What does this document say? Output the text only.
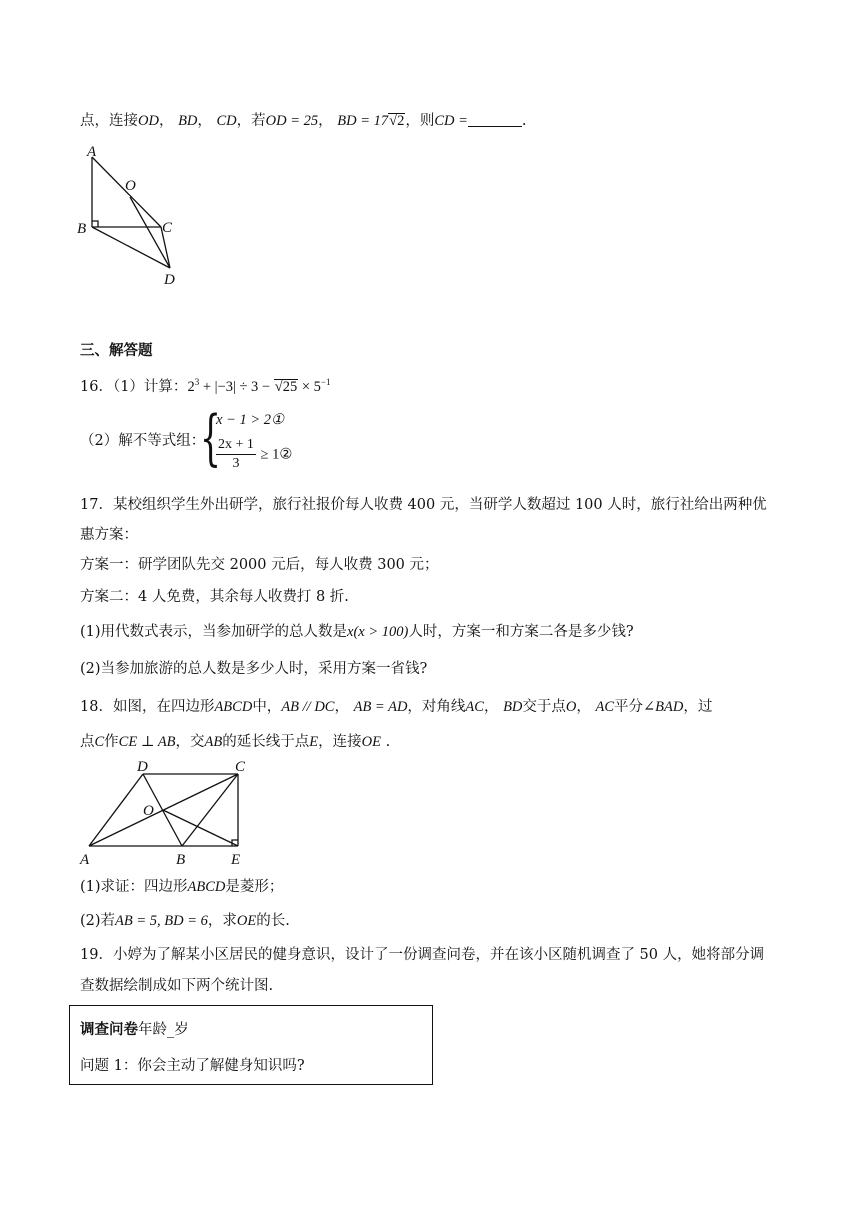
点，连接OD， BD， CD，若OD = 25， BD = 17√2，则CD =	.
A
O
B	C
D
三、解答题
16．（1）计算：$2^3 + |-3| \div 3 - √25 \times 5^{-1}$
（2）解不等式组：
{
x − 1 > 2①
$\frac{2x + 1}{3}$ ≥ 1②
17．某校组织学生外出研学，旅行社报价每人收费 400 元，当研学人数超过 100 人时，旅行社给出两种优
惠方案：
方案一：研学团队先交 2000 元后，每人收费 300 元；
方案二：4 人免费，其余每人收费打 8 折.
(1)用代数式表示，当参加研学的总人数是x(x > 100)人时，方案一和方案二各是多少钱?
(2)当参加旅游的总人数是多少人时，采用方案一省钱?
18．如图，在四边形ABCD中，AB // DC， AB = AD，对角线AC， BD交于点O， AC平分∠BAD，过
点C作CE ⊥ AB，交AB的延长线于点E，连接OE .
D	C
O
A	B	E
(1)求证：四边形ABCD是菱形；
(2)若AB = 5, BD = 6，求OE的长.
19．小婷为了解某小区居民的健身意识，设计了一份调查问卷，并在该小区随机调查了 50 人，她将部分调
查数据绘制成如下两个统计图.
调查问卷年龄_岁
问题 1：你会主动了解健身知识吗?
